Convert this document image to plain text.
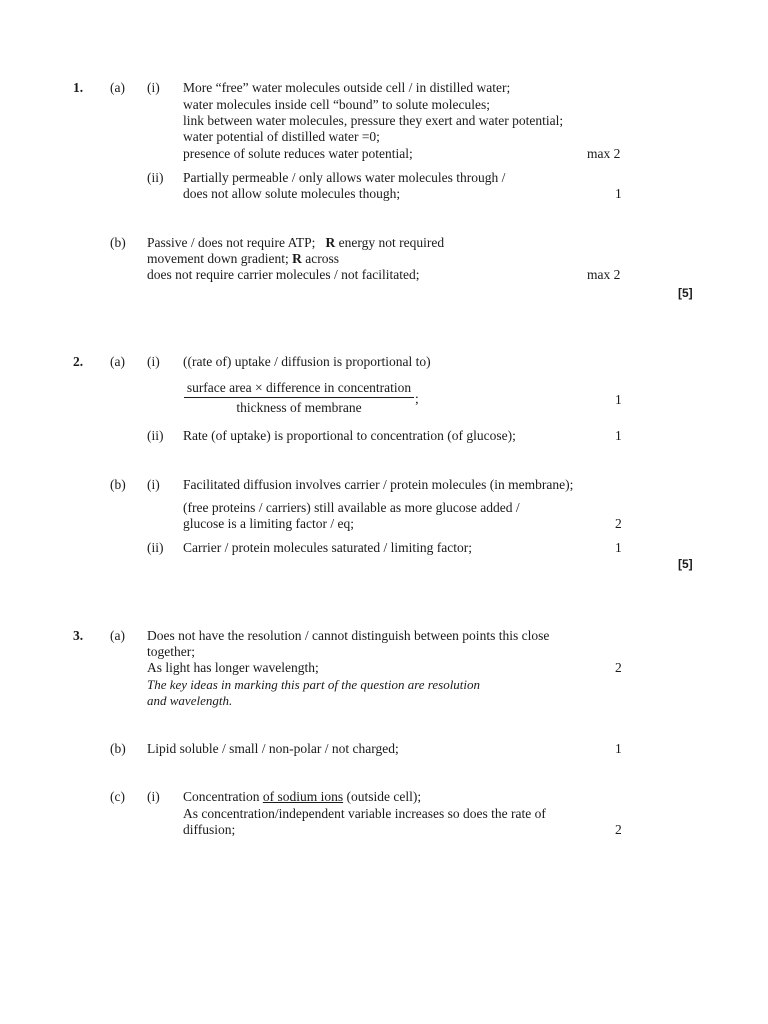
1. (a) (i) More “free” water molecules outside cell / in distilled water;
water molecules inside cell “bound” to solute molecules;
link between water molecules, pressure they exert and water potential;
water potential of distilled water =0;
presence of solute reduces water potential;	max 2
(ii) Partially permeable / only allows water molecules through /
does not allow solute molecules though;	1
(b) Passive / does not require ATP; R energy not required
movement down gradient; R across
does not require carrier molecules / not facilitated;	max 2
[5]
2. (a) (i) ((rate of) uptake / diffusion is proportional to)
surface area × difference in concentration
thickness of membrane
;	1
(ii) Rate (of uptake) is proportional to concentration (of glucose);	1
(b) (i) Facilitated diffusion involves carrier / protein molecules (in membrane);
(free proteins / carriers) still available as more glucose added /
glucose is a limiting factor / eq;	2
(ii) Carrier / protein molecules saturated / limiting factor;	1
[5]
3. (a) Does not have the resolution / cannot distinguish between points this close
together;
As light has longer wavelength;	2
The key ideas in marking this part of the question are resolution
and wavelength.
(b) Lipid soluble / small / non-polar / not charged;	1
(c) (i) Concentration of sodium ions (outside cell);
As concentration/independent variable increases so does the rate of
diffusion;	2
